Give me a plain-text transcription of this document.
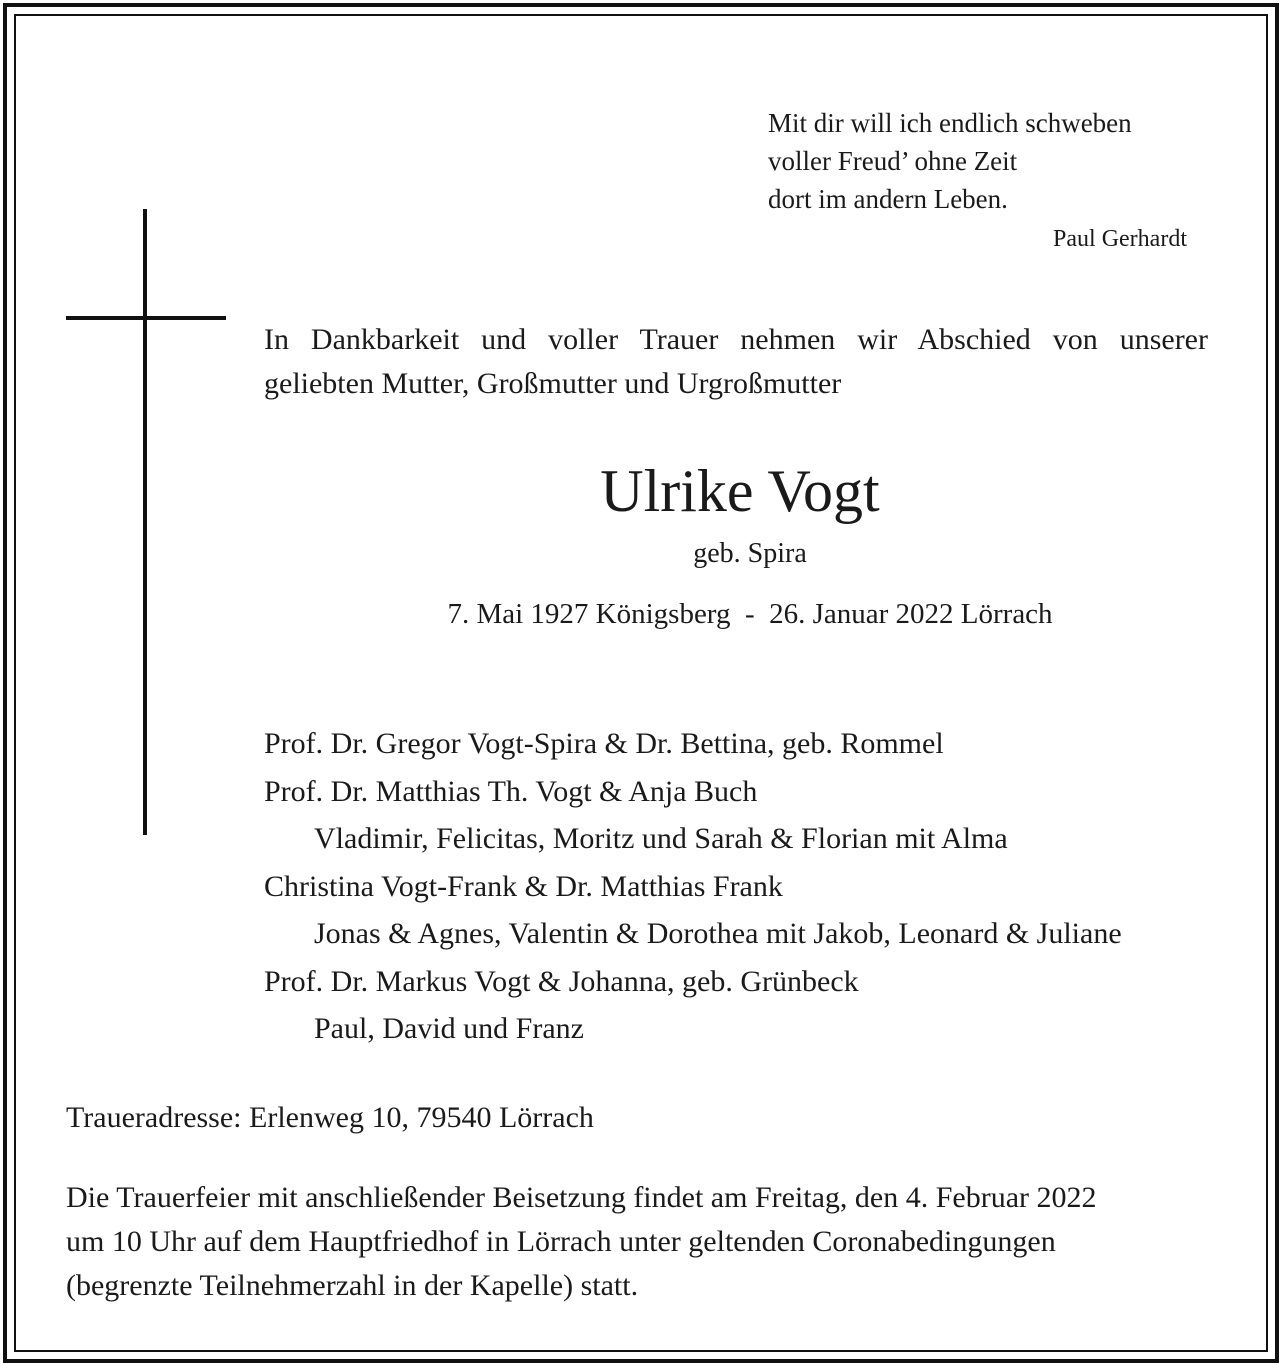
Mit dir will ich endlich schweben
voller Freud’ ohne Zeit
dort im andern Leben.
Paul Gerhardt
In Dankbarkeit und voller Trauer nehmen wir Abschied von unserer
geliebten Mutter, Großmutter und Urgroßmutter
Ulrike Vogt
geb. Spira
7. Mai 1927 Königsberg  -  26. Januar 2022 Lörrach
Prof. Dr. Gregor Vogt-Spira & Dr. Bettina, geb. Rommel
Prof. Dr. Matthias Th. Vogt & Anja Buch
Vladimir, Felicitas, Moritz und Sarah & Florian mit Alma
Christina Vogt-Frank & Dr. Matthias Frank
Jonas & Agnes, Valentin & Dorothea mit Jakob, Leonard & Juliane
Prof. Dr. Markus Vogt & Johanna, geb. Grünbeck
Paul, David und Franz
Traueradresse: Erlenweg 10, 79540 Lörrach
Die Trauerfeier mit anschließender Beisetzung findet am Freitag, den 4. Februar 2022
um 10 Uhr auf dem Hauptfriedhof in Lörrach unter geltenden Coronabedingungen
(begrenzte Teilnehmerzahl in der Kapelle) statt.
